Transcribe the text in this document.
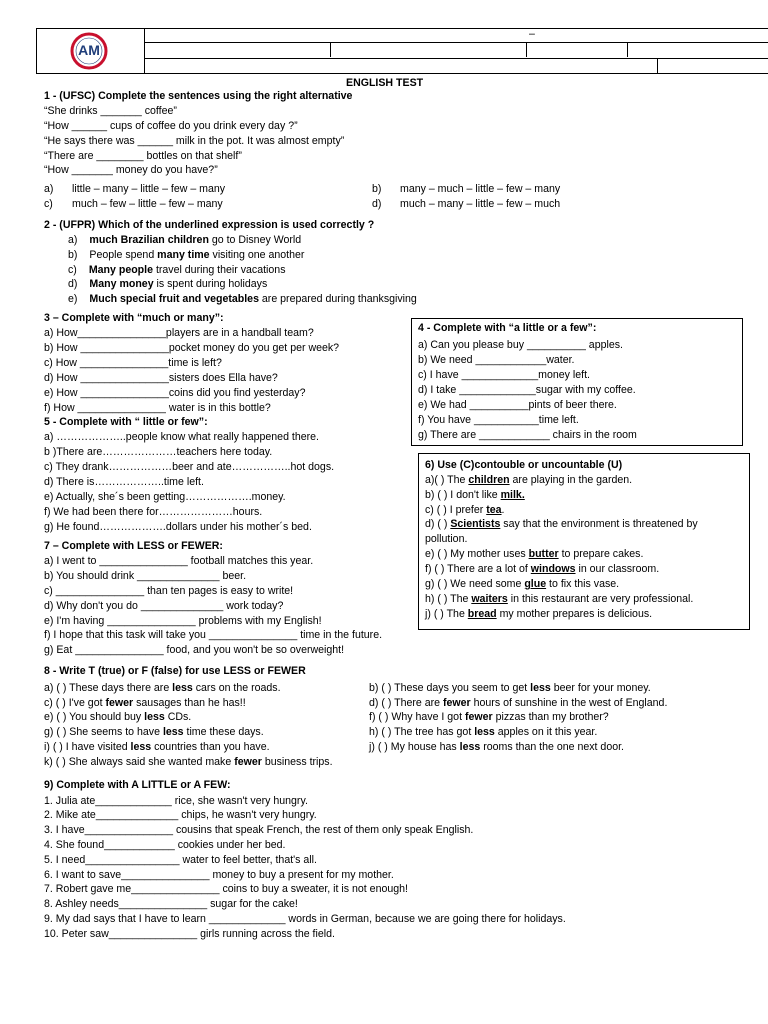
AM
–
ENGLISH TEST
1 - (UFSC) Complete the sentences using the right alternative
“She drinks _______ coffee”
“How ______ cups of coffee do you drink every day ?”
“He says there was ______ milk in the pot. It was almost empty”
“There are ________ bottles on that shelf”
“How _______ money do you have?”
a) little – many – little – few – many	b) many – much – little – few – many
c) much – few – little – few – many	d) much – many – little – few – much
2 - (UFPR) Which of the underlined expression is used correctly ?
a) much Brazilian children go to Disney World
b) People spend many time visiting one another
c) Many people travel during their vacations
d) Many money is spent during holidays
e) Much special fruit and vegetables are prepared during thanksgiving
3 – Complete with “much or many”:
a) How_______________players are in a handball team?
b) How _______________pocket money do you get per week?
c) How _______________time is left?
d) How _______________sisters does Ella have?
e) How _______________coins did you find yesterday?
f) How _______________ water is in this bottle?
4 - Complete with “a little or a few”:
a) Can you please buy __________ apples.
b) We need ____________water.
c) I have _____________money left.
d) I take _____________sugar with my coffee.
e) We had __________pints of beer there.
f) You have ___________time left.
g) There are ____________ chairs in the room
5 - Complete with “ little or few”:
a) ………………..people know what really happened there.
b )There are…………………teachers here today.
c) They drank………………beer and ate……………..hot dogs.
d) There is………………..time left.
e) Actually, she´s been getting……………….money.
f) We had been there for…………………hours.
g) He found……………….dollars under his mother´s bed.
6) Use (C)contouble or uncountable (U)
a)( ) The children are playing in the garden.
b) ( ) I don't like milk.
c) ( ) I prefer tea.
d) ( ) Scientists say that the environment is threatened by
pollution.
e) ( ) My mother uses butter to prepare cakes.
f) ( ) There are a lot of windows in our classroom.
g) ( ) We need some glue to fix this vase.
h) ( ) The waiters in this restaurant are very professional.
j) ( ) The bread my mother prepares is delicious.
7 – Complete with LESS or FEWER:
a) I went to _______________ football matches this year.
b) You should drink ______________ beer.
c) _______________ than ten pages is easy to write!
d) Why don't you do ______________ work today?
e) I'm having _______________ problems with my English!
f) I hope that this task will take you _______________ time in the future.
g) Eat _______________ food, and you won't be so overweight!
8 - Write T (true) or F (false) for use LESS or FEWER
a) ( ) These days there are less cars on the roads.	b) ( ) These days you seem to get less beer for your money.
c) ( ) I've got fewer sausages than he has!!	d) ( ) There are fewer hours of sunshine in the west of England.
e) ( ) You should buy less CDs.	f) ( ) Why have I got fewer pizzas than my brother?
g) ( ) She seems to have less time these days.	h) ( ) The tree has got less apples on it this year.
i) ( ) I have visited less countries than you have.	j) ( ) My house has less rooms than the one next door.
k) ( ) She always said she wanted make fewer business trips.
9) Complete with A LITTLE or A FEW:
1. Julia ate_____________ rice, she wasn't very hungry.
2. Mike ate______________ chips, he wasn't very hungry.
3. I have_______________ cousins that speak French, the rest of them only speak English.
4. She found____________ cookies under her bed.
5. I need________________ water to feel better, that's all.
6. I want to save_______________ money to buy a present for my mother.
7. Robert gave me_______________ coins to buy a sweater, it is not enough!
8. Ashley needs_______________ sugar for the cake!
9. My dad says that I have to learn _____________ words in German, because we are going there for holidays.
10. Peter saw_______________ girls running across the field.
